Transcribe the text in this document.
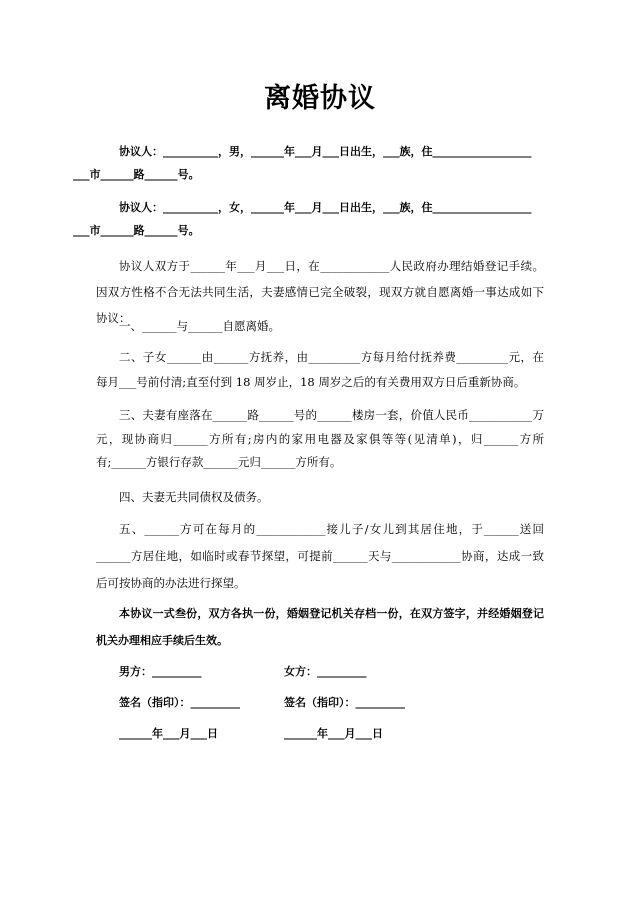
离婚协议

协议人：__________，男，______年___月___日出生，___族，住__________________
___市______路______号。

协议人：__________，女，______年___月___日出生，___族，住__________________
___市______路______号。

协议人双方于______年___月___日，在____________人民政府办理结婚登记手续。因双方性格不合无法共同生活，夫妻感情已完全破裂，现双方就自愿离婚一事达成如下协议：

一、______与______自愿离婚。

二、子女______由______方抚养，由_________方每月给付抚养费_________元，在每月___号前付清;直至付到 18 周岁止，18 周岁之后的有关费用双方日后重新协商。

三、夫妻有座落在______路______号的______楼房一套，价值人民币___________万元，现协商归______方所有;房内的家用电器及家俱等等(见清单)，归______方所有;______方银行存款______元归______方所有。

四、夫妻无共同债权及债务。

五、______方可在每月的____________接儿子/女儿到其居住地，于______送回______方居住地，如临时或春节探望，可提前______天与____________协商，达成一致后可按协商的办法进行探望。

本协议一式叁份，双方各执一份，婚姻登记机关存档一份，在双方签字，并经婚姻登记机关办理相应手续后生效。

男方：_________	女方：_________
签名（指印）：_________	签名（指印）：_________
______年___月___日	______年___月___日
